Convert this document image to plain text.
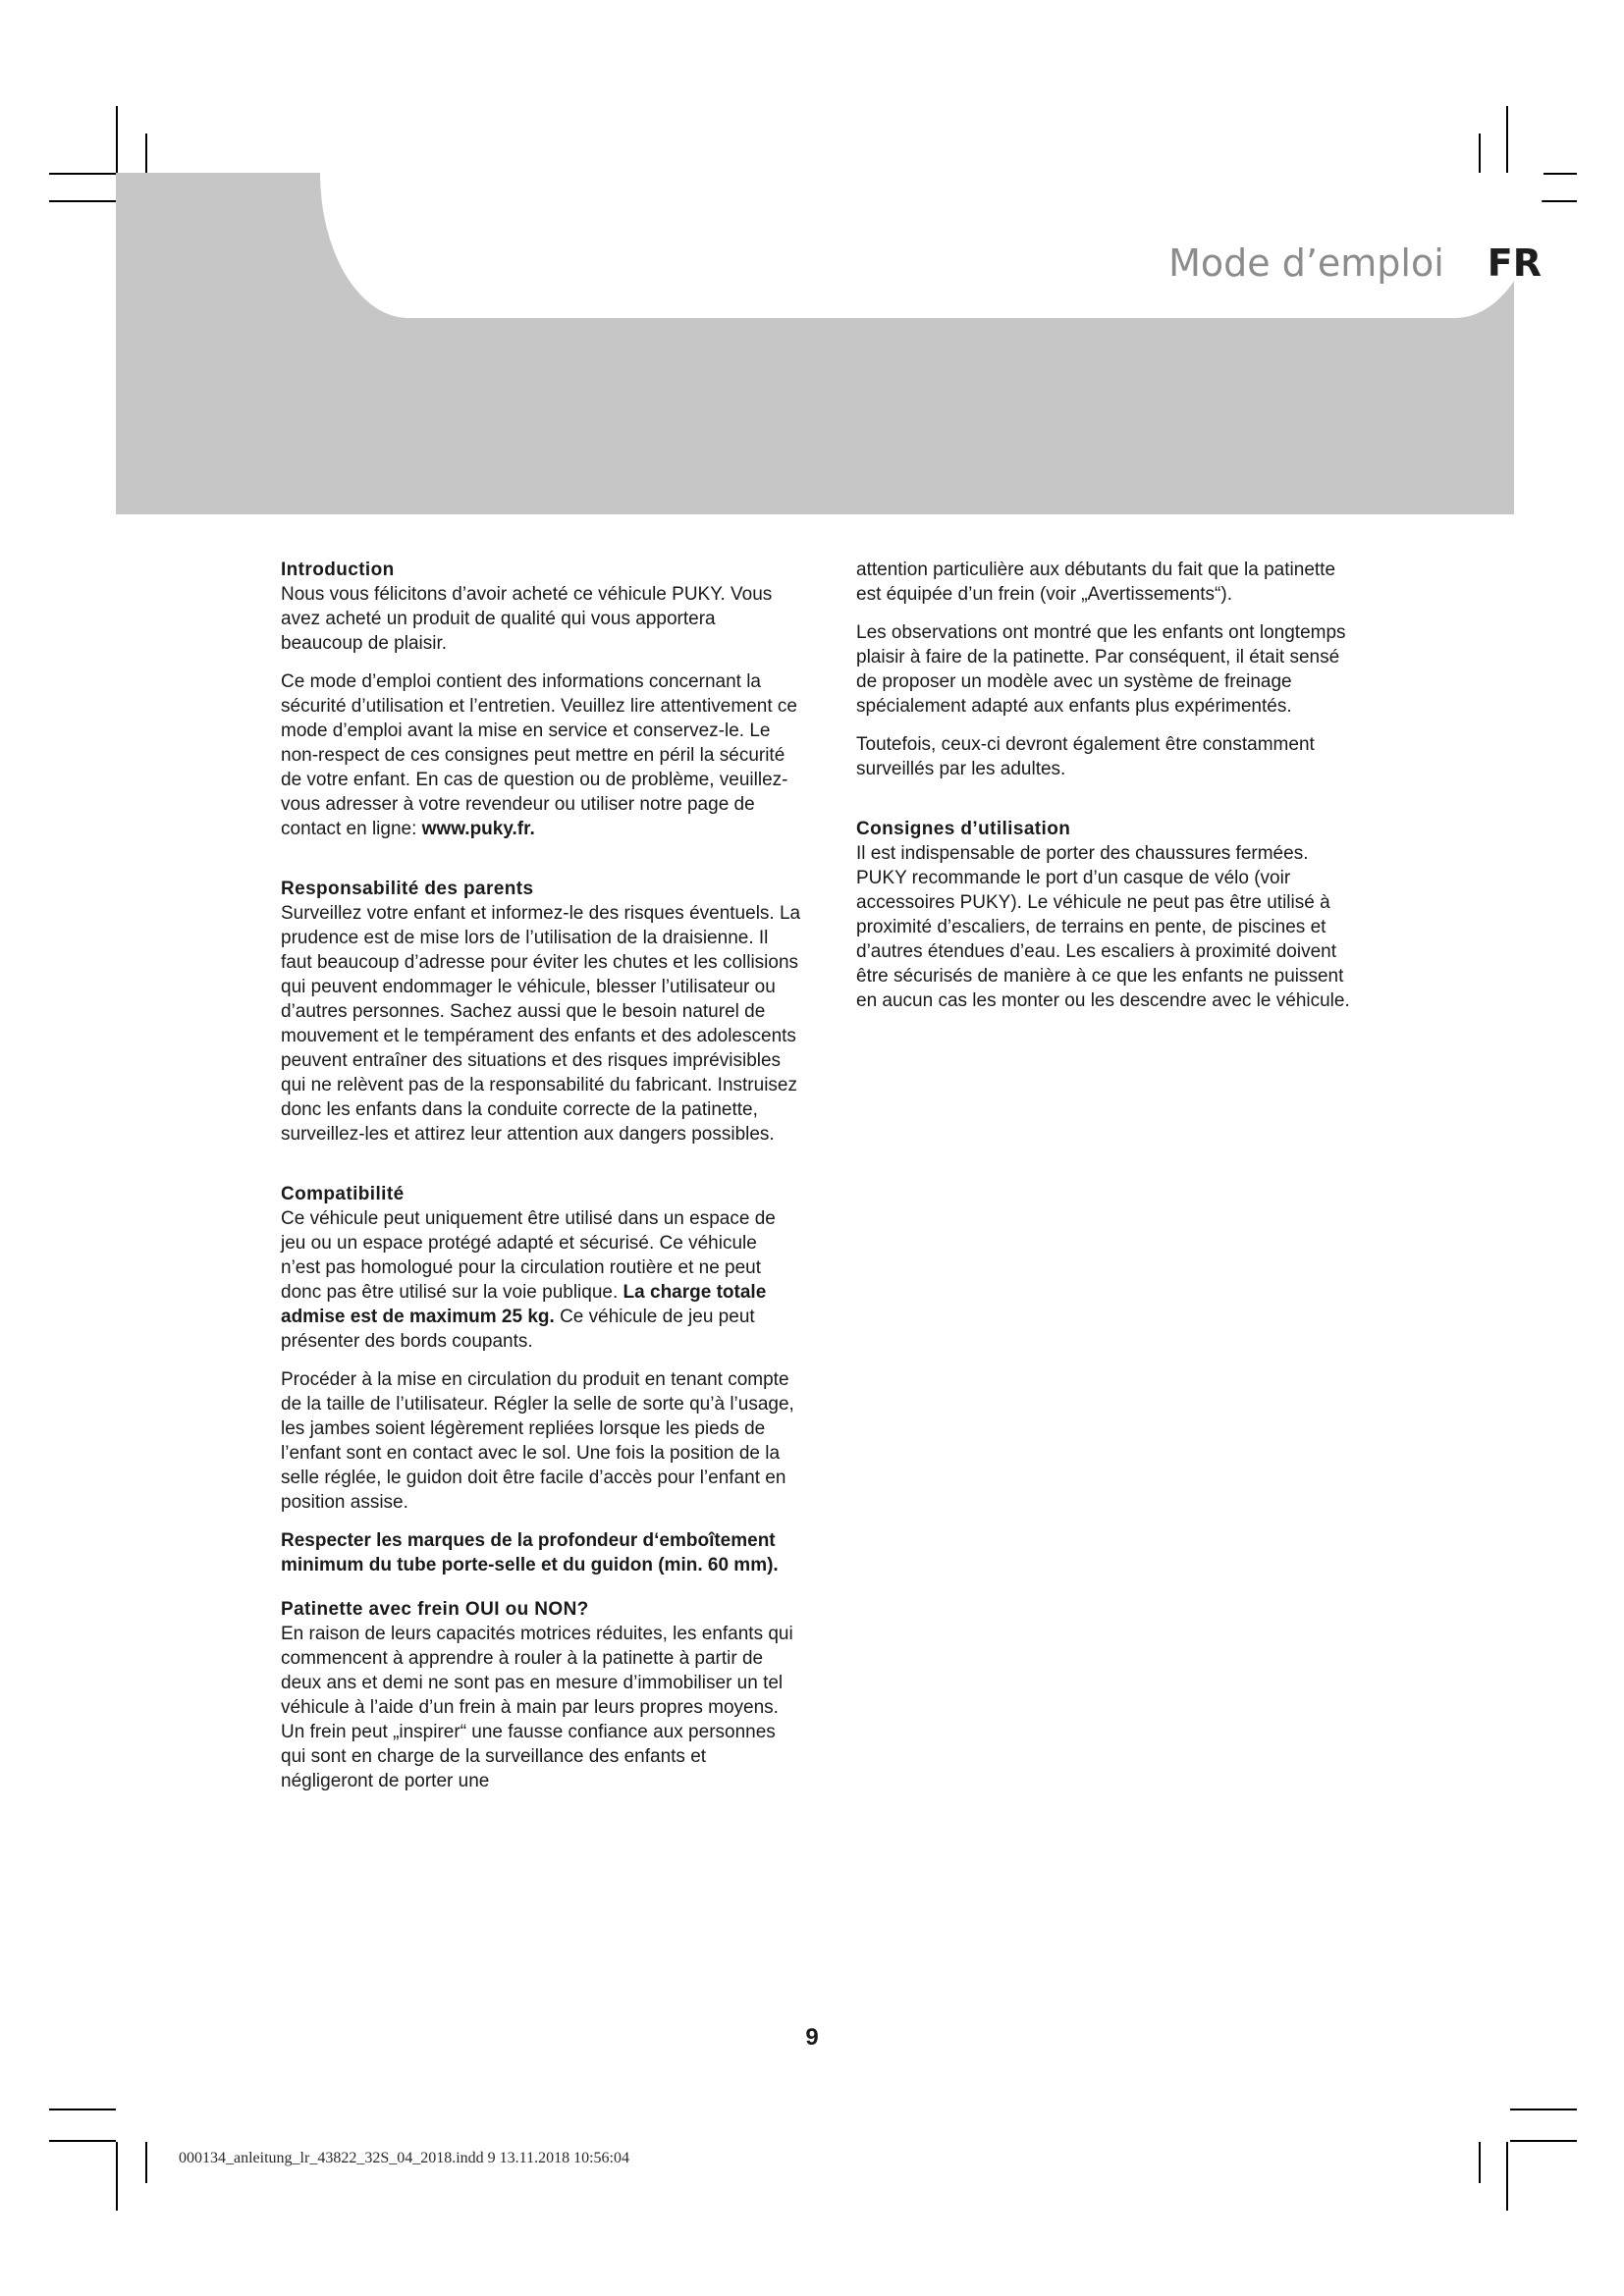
Mode d’emploi FR
Introduction

Nous vous félicitons d’avoir acheté ce véhicule PUKY. Vous avez acheté un produit de qualité qui vous apportera beaucoup de plaisir.

Ce mode d’emploi contient des informations concernant la sécurité d’utilisation et l’entretien. Veuillez lire attentivement ce mode d’emploi avant la mise en service et conservez-le. Le non-respect de ces consignes peut mettre en péril la sécurité de votre enfant. En cas de question ou de problème, veuillez-vous adresser à votre revendeur ou utiliser notre page de contact en ligne: www.puky.fr.

Responsabilité des parents

Surveillez votre enfant et informez-le des risques éventuels. La prudence est de mise lors de l’utilisation de la draisienne. Il faut beaucoup d’adresse pour éviter les chutes et les collisions qui peuvent endommager le véhicule, blesser l’utilisateur ou d’autres personnes. Sachez aussi que le besoin naturel de mouvement et le tempérament des enfants et des adolescents peuvent entraîner des situations et des risques imprévisibles qui ne relèvent pas de la responsabilité du fabricant. Instruisez donc les enfants dans la conduite correcte de la patinette, surveillez-les et attirez leur attention aux dangers possibles.

Compatibilité

Ce véhicule peut uniquement être utilisé dans un espace de jeu ou un espace protégé adapté et sécurisé. Ce véhicule n’est pas homologué pour la circulation routière et ne peut donc pas être utilisé sur la voie publique. La charge totale admise est de maximum 25 kg. Ce véhicule de jeu peut présenter des bords coupants.

Procéder à la mise en circulation du produit en tenant compte de la taille de l’utilisateur. Régler la selle de sorte qu’à l’usage, les jambes soient légèrement repliées lorsque les pieds de l’enfant sont en contact avec le sol. Une fois la position de la selle réglée, le guidon doit être facile d’accès pour l’enfant en position assise.

Respecter les marques de la profondeur d‘emboîtement minimum du tube porte-selle et du guidon (min. 60 mm).

Patinette avec frein OUI ou NON?

En raison de leurs capacités motrices réduites, les enfants qui commencent à apprendre à rouler à la patinette à partir de deux ans et demi ne sont pas en mesure d’immobiliser un tel véhicule à l’aide d’un frein à main par leurs propres moyens. Un frein peut „inspirer“ une fausse confiance aux personnes qui sont en charge de la surveillance des enfants et négligeront de porter une

attention particulière aux débutants du fait que la patinette est équipée d’un frein (voir „Avertissements“).

Les observations ont montré que les enfants ont longtemps plaisir à faire de la patinette. Par conséquent, il était sensé de proposer un modèle avec un système de freinage spécialement adapté aux enfants plus expérimentés.

Toutefois, ceux-ci devront également être constamment surveillés par les adultes.

Consignes d’utilisation

Il est indispensable de porter des chaussures fermées. PUKY recommande le port d’un casque de vélo (voir accessoires PUKY). Le véhicule ne peut pas être utilisé à proximité d’escaliers, de terrains en pente, de piscines et d’autres étendues d’eau. Les escaliers à proximité doivent être sécurisés de manière à ce que les enfants ne puissent en aucun cas les monter ou les descendre avec le véhicule.

9
000134_anleitung_lr_43822_32S_04_2018.indd 9 13.11.2018 10:56:04
